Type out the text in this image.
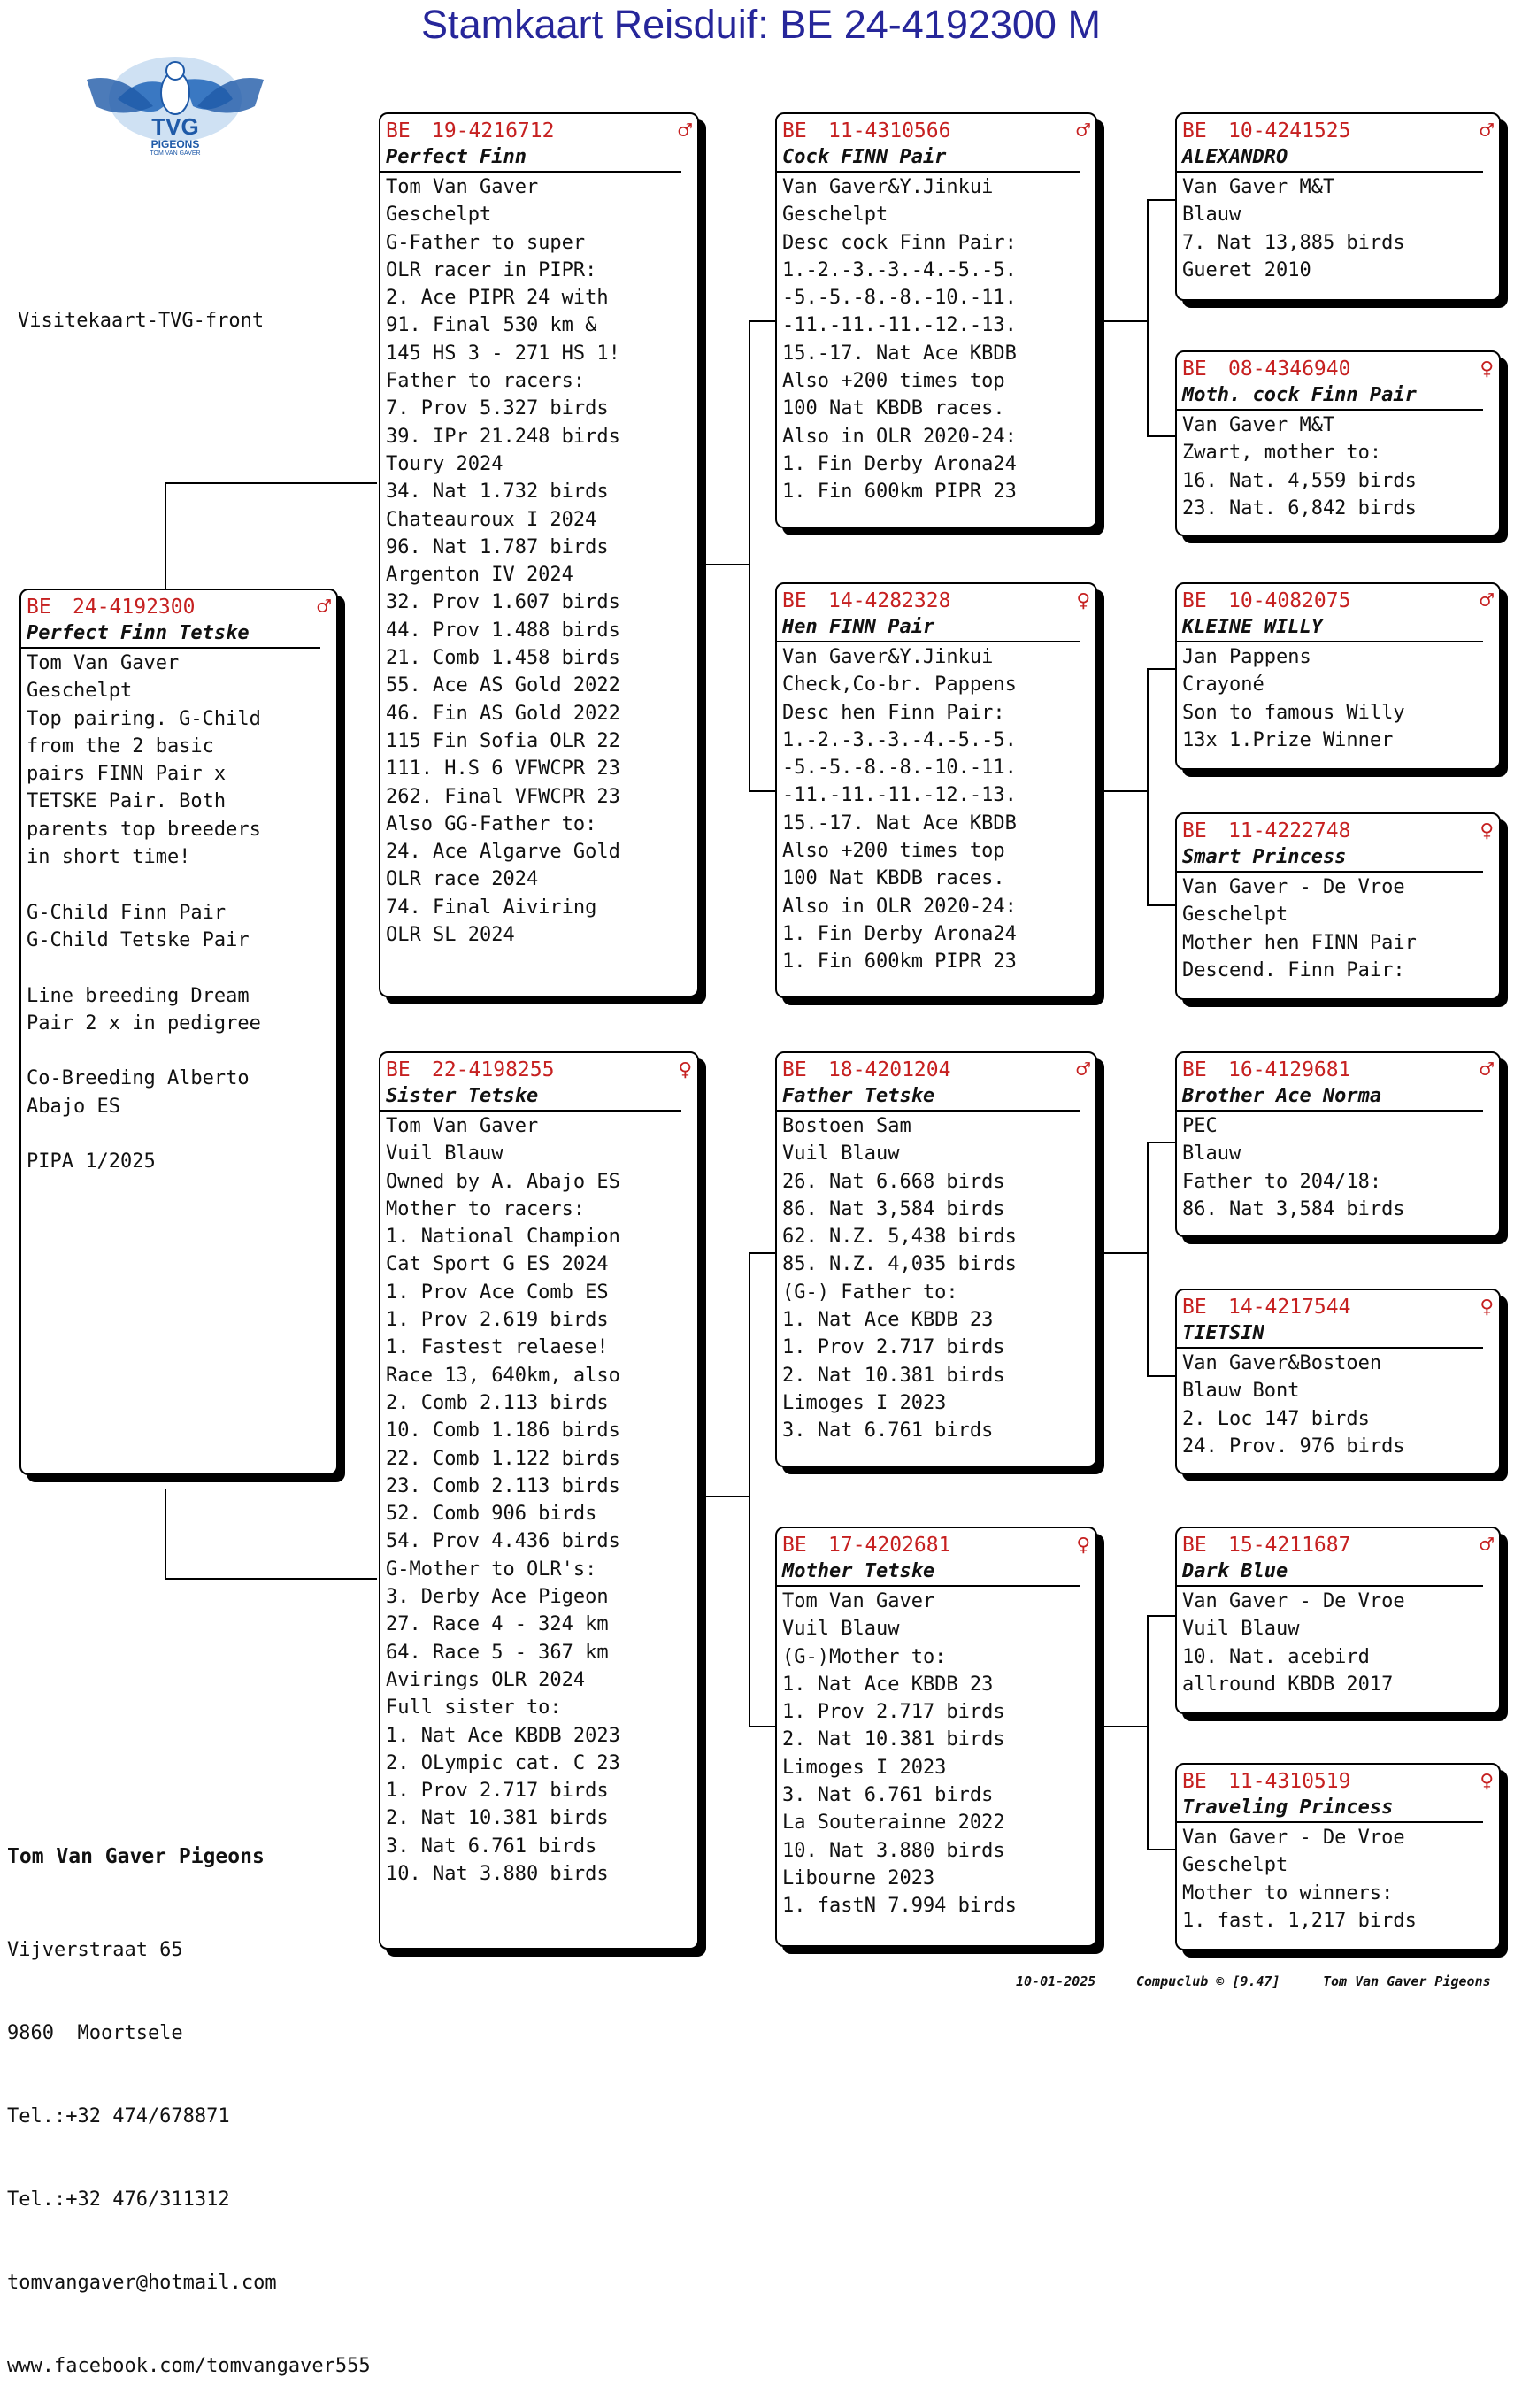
Stamkaart Reisduif: BE 24-4192300 M
TVG
PIGEONS
TOM VAN GAVER
Visitekaart-TVG-front
BE	24-4192300	♂
Perfect Finn Tetske
Tom Van Gaver
Geschelpt
Top pairing. G-Child
from the 2 basic
pairs FINN Pair x
TETSKE Pair. Both
parents top breeders
in short time!
G-Child Finn Pair
G-Child Tetske Pair
Line breeding Dream
Pair 2 x in pedigree
Co-Breeding Alberto
Abajo ES
PIPA 1/2025
BE	19-4216712	♂
Perfect Finn
Tom Van Gaver
Geschelpt
G-Father to super
OLR racer in PIPR:
2. Ace PIPR 24 with
91. Final 530 km &
145 HS 3 - 271 HS 1!
Father to racers:
7. Prov 5.327 birds
39. IPr 21.248 birds
Toury 2024
34. Nat 1.732 birds
Chateauroux I 2024
96. Nat 1.787 birds
Argenton IV 2024
32. Prov 1.607 birds
44. Prov 1.488 birds
21. Comb 1.458 birds
55. Ace AS Gold 2022
46. Fin AS Gold 2022
115 Fin Sofia OLR 22
111. H.S 6 VFWCPR 23
262. Final VFWCPR 23
Also GG-Father to:
24. Ace Algarve Gold
OLR race 2024
74. Final Aiviring
OLR SL 2024
BE	22-4198255	♀
Sister Tetske
Tom Van Gaver
Vuil Blauw
Owned by A. Abajo ES
Mother to racers:
1. National Champion
Cat Sport G ES 2024
1. Prov Ace Comb ES
1. Prov 2.619 birds
1. Fastest relaese!
Race 13, 640km, also
2. Comb 2.113 birds
10. Comb 1.186 birds
22. Comb 1.122 birds
23. Comb 2.113 birds
52. Comb 906 birds
54. Prov 4.436 birds
G-Mother to OLR's:
3. Derby Ace Pigeon
27. Race 4 - 324 km
64. Race 5 - 367 km
Avirings OLR 2024
Full sister to:
1. Nat Ace KBDB 2023
2. OLympic cat. C 23
1. Prov 2.717 birds
2. Nat 10.381 birds
3. Nat 6.761 birds
10. Nat 3.880 birds
BE	11-4310566	♂
Cock FINN Pair
Van Gaver&Y.Jinkui
Geschelpt
Desc cock Finn Pair:
1.-2.-3.-3.-4.-5.-5.
-5.-5.-8.-8.-10.-11.
-11.-11.-11.-12.-13.
15.-17. Nat Ace KBDB
Also +200 times top
100 Nat KBDB races.
Also in OLR 2020-24:
1. Fin Derby Arona24
1. Fin 600km PIPR 23
BE	14-4282328	♀
Hen FINN Pair
Van Gaver&Y.Jinkui
Check,Co-br. Pappens
Desc hen Finn Pair:
1.-2.-3.-3.-4.-5.-5.
-5.-5.-8.-8.-10.-11.
-11.-11.-11.-12.-13.
15.-17. Nat Ace KBDB
Also +200 times top
100 Nat KBDB races.
Also in OLR 2020-24:
1. Fin Derby Arona24
1. Fin 600km PIPR 23
BE	18-4201204	♂
Father Tetske
Bostoen Sam
Vuil Blauw
26. Nat 6.668 birds
86. Nat 3,584 birds
62. N.Z. 5,438 birds
85. N.Z. 4,035 birds
(G-) Father to:
1. Nat Ace KBDB 23
1. Prov 2.717 birds
2. Nat 10.381 birds
Limoges I 2023
3. Nat 6.761 birds
BE	17-4202681	♀
Mother Tetske
Tom Van Gaver
Vuil Blauw
(G-)Mother to:
1. Nat Ace KBDB 23
1. Prov 2.717 birds
2. Nat 10.381 birds
Limoges I 2023
3. Nat 6.761 birds
La Souterainne 2022
10. Nat 3.880 birds
Libourne 2023
1. fastN 7.994 birds
BE	10-4241525	♂
ALEXANDRO
Van Gaver M&T
Blauw
7. Nat 13,885 birds
Gueret 2010
BE	08-4346940	♀
Moth. cock Finn Pair
Van Gaver M&T
Zwart, mother to:
16. Nat. 4,559 birds
23. Nat. 6,842 birds
BE	10-4082075	♂
KLEINE WILLY
Jan Pappens
Crayoné
Son to famous Willy
13x 1.Prize Winner
BE	11-4222748	♀
Smart Princess
Van Gaver - De Vroe
Geschelpt
Mother hen FINN Pair
Descend. Finn Pair:
BE	16-4129681	♂
Brother Ace Norma
PEC
Blauw
Father to 204/18:
86. Nat 3,584 birds
BE	14-4217544	♀
TIETSIN
Van Gaver&Bostoen
Blauw Bont
2. Loc 147 birds
24. Prov. 976 birds
BE	15-4211687	♂
Dark Blue
Van Gaver - De Vroe
Vuil Blauw
10. Nat. acebird
allround KBDB 2017
BE	11-4310519	♀
Traveling Princess
Van Gaver - De Vroe
Geschelpt
Mother to winners:
1. fast. 1,217 birds

Tom Van Gaver Pigeons

Vijverstraat 65

9860  Moortsele

Tel.:+32 474/678871

Tel.:+32 476/311312

tomvangaver@hotmail.com

www.facebook.com/tomvangaver555

10-01-2025	Compuclub © [9.47]	Tom Van Gaver Pigeons
